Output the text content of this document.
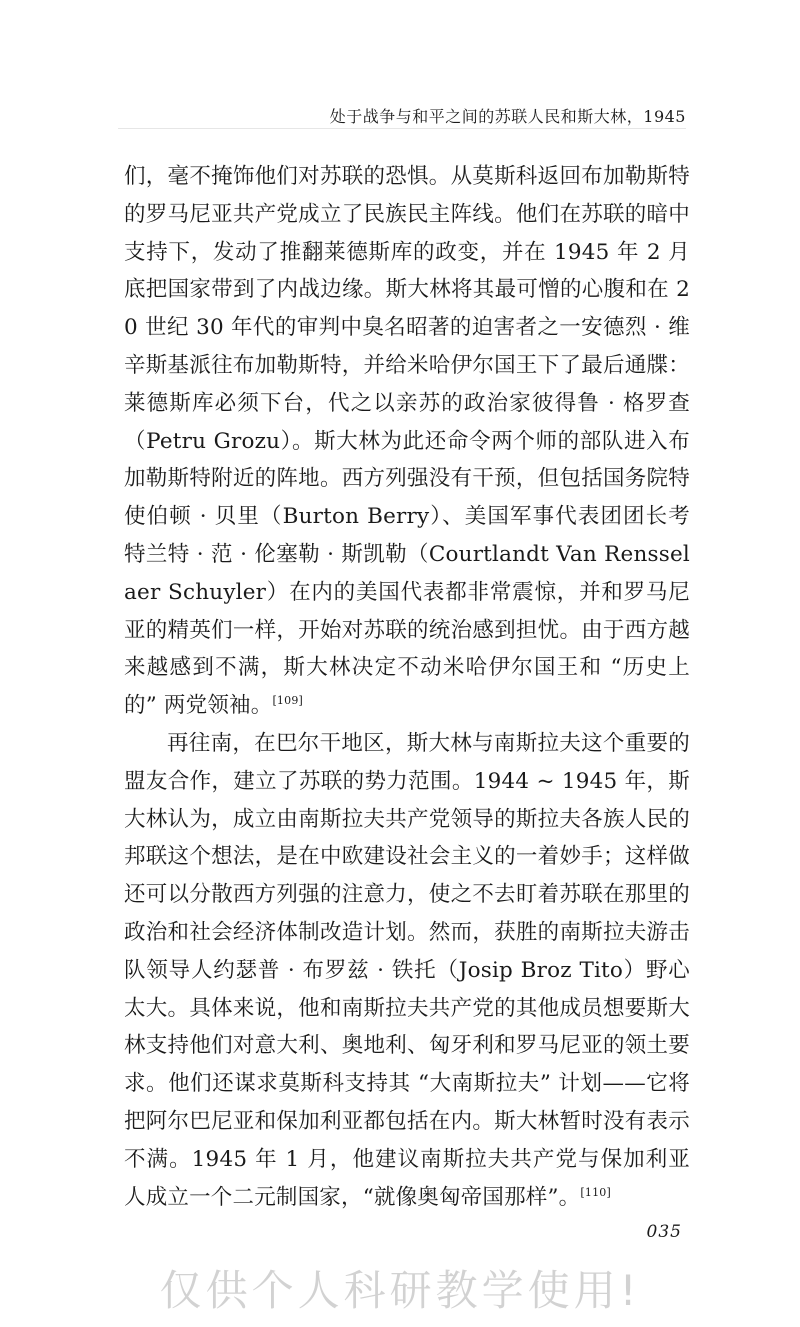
处于战争与和平之间的苏联人民和斯大林，1945

们，毫不掩饰他们对苏联的恐惧。从莫斯科返回布加勒斯特的罗马尼亚共产党成立了民族民主阵线。他们在苏联的暗中支持下，发动了推翻莱德斯库的政变，并在 1945 年 2 月底把国家带到了内战边缘。斯大林将其最可憎的心腹和在 20 世纪 30 年代的审判中臭名昭著的迫害者之一安德烈 · 维辛斯基派往布加勒斯特，并给米哈伊尔国王下了最后通牒：莱德斯库必须下台，代之以亲苏的政治家彼得鲁 · 格罗查（Petru Grozu）。斯大林为此还命令两个师的部队进入布加勒斯特附近的阵地。西方列强没有干预，但包括国务院特使伯顿 · 贝里（Burton Berry）、美国军事代表团团长考特兰特 · 范 · 伦塞勒 · 斯凯勒（Courtlandt Van Rensselaer Schuyler）在内的美国代表都非常震惊，并和罗马尼亚的精英们一样，开始对苏联的统治感到担忧。由于西方越来越感到不满，斯大林决定不动米哈伊尔国王和 “历史上的” 两党领袖。[109]

再往南，在巴尔干地区，斯大林与南斯拉夫这个重要的盟友合作，建立了苏联的势力范围。1944 ~ 1945 年，斯大林认为，成立由南斯拉夫共产党领导的斯拉夫各族人民的邦联这个想法，是在中欧建设社会主义的一着妙手；这样做还可以分散西方列强的注意力，使之不去盯着苏联在那里的政治和社会经济体制改造计划。然而，获胜的南斯拉夫游击队领导人约瑟普 · 布罗兹 · 铁托（Josip Broz Tito）野心太大。具体来说，他和南斯拉夫共产党的其他成员想要斯大林支持他们对意大利、奥地利、匈牙利和罗马尼亚的领土要求。他们还谋求莫斯科支持其 “大南斯拉夫” 计划——它将把阿尔巴尼亚和保加利亚都包括在内。斯大林暂时没有表示不满。1945 年 1 月，他建议南斯拉夫共产党与保加利亚人成立一个二元制国家，“就像奥匈帝国那样”。[110]

035
仅供个人科研教学使用!
